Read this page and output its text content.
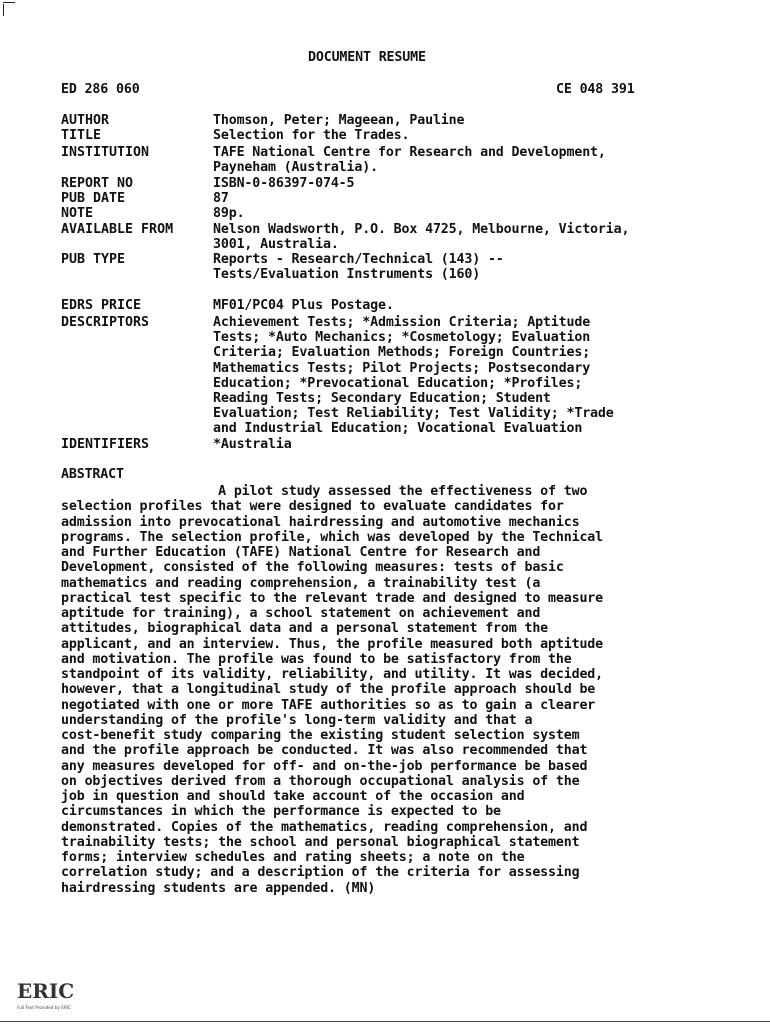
DOCUMENT RESUME
ED 286 060	CE 048 391
AUTHOR	Thomson, Peter; Mageean, Pauline
TITLE	Selection for the Trades.
INSTITUTION	TAFE National Centre for Research and Development,
Payneham (Australia).
REPORT NO	ISBN-0-86397-074-5
PUB DATE	87
NOTE	89p.
AVAILABLE FROM	Nelson Wadsworth, P.O. Box 4725, Melbourne, Victoria,
3001, Australia.
PUB TYPE	Reports - Research/Technical (143) --
Tests/Evaluation Instruments (160)
EDRS PRICE	MF01/PC04 Plus Postage.
DESCRIPTORS	Achievement Tests; *Admission Criteria; Aptitude
Tests; *Auto Mechanics; *Cosmetology; Evaluation
Criteria; Evaluation Methods; Foreign Countries;
Mathematics Tests; Pilot Projects; Postsecondary
Education; *Prevocational Education; *Profiles;
Reading Tests; Secondary Education; Student
Evaluation; Test Reliability; Test Validity; *Trade
and Industrial Education; Vocational Evaluation
IDENTIFIERS	*Australia
ABSTRACT
A pilot study assessed the effectiveness of two
selection profiles that were designed to evaluate candidates for
admission into prevocational hairdressing and automotive mechanics
programs. The selection profile, which was developed by the Technical
and Further Education (TAFE) National Centre for Research and
Development, consisted of the following measures: tests of basic
mathematics and reading comprehension, a trainability test (a
practical test specific to the relevant trade and designed to measure
aptitude for training), a school statement on achievement and
attitudes, biographical data and a personal statement from the
applicant, and an interview. Thus, the profile measured both aptitude
and motivation. The profile was found to be satisfactory from the
standpoint of its validity, reliability, and utility. It was decided,
however, that a longitudinal study of the profile approach should be
negotiated with one or more TAFE authorities so as to gain a clearer
understanding of the profile's long-term validity and that a
cost-benefit study comparing the existing student selection system
and the profile approach be conducted. It was also recommended that
any measures developed for off- and on-the-job performance be based
on objectives derived from a thorough occupational analysis of the
job in question and should take account of the occasion and
circumstances in which the performance is expected to be
demonstrated. Copies of the mathematics, reading comprehension, and
trainability tests; the school and personal biographical statement
forms; interview schedules and rating sheets; a note on the
correlation study; and a description of the criteria for assessing
hairdressing students are appended. (MN)
ERIC
Full Text Provided by ERIC
